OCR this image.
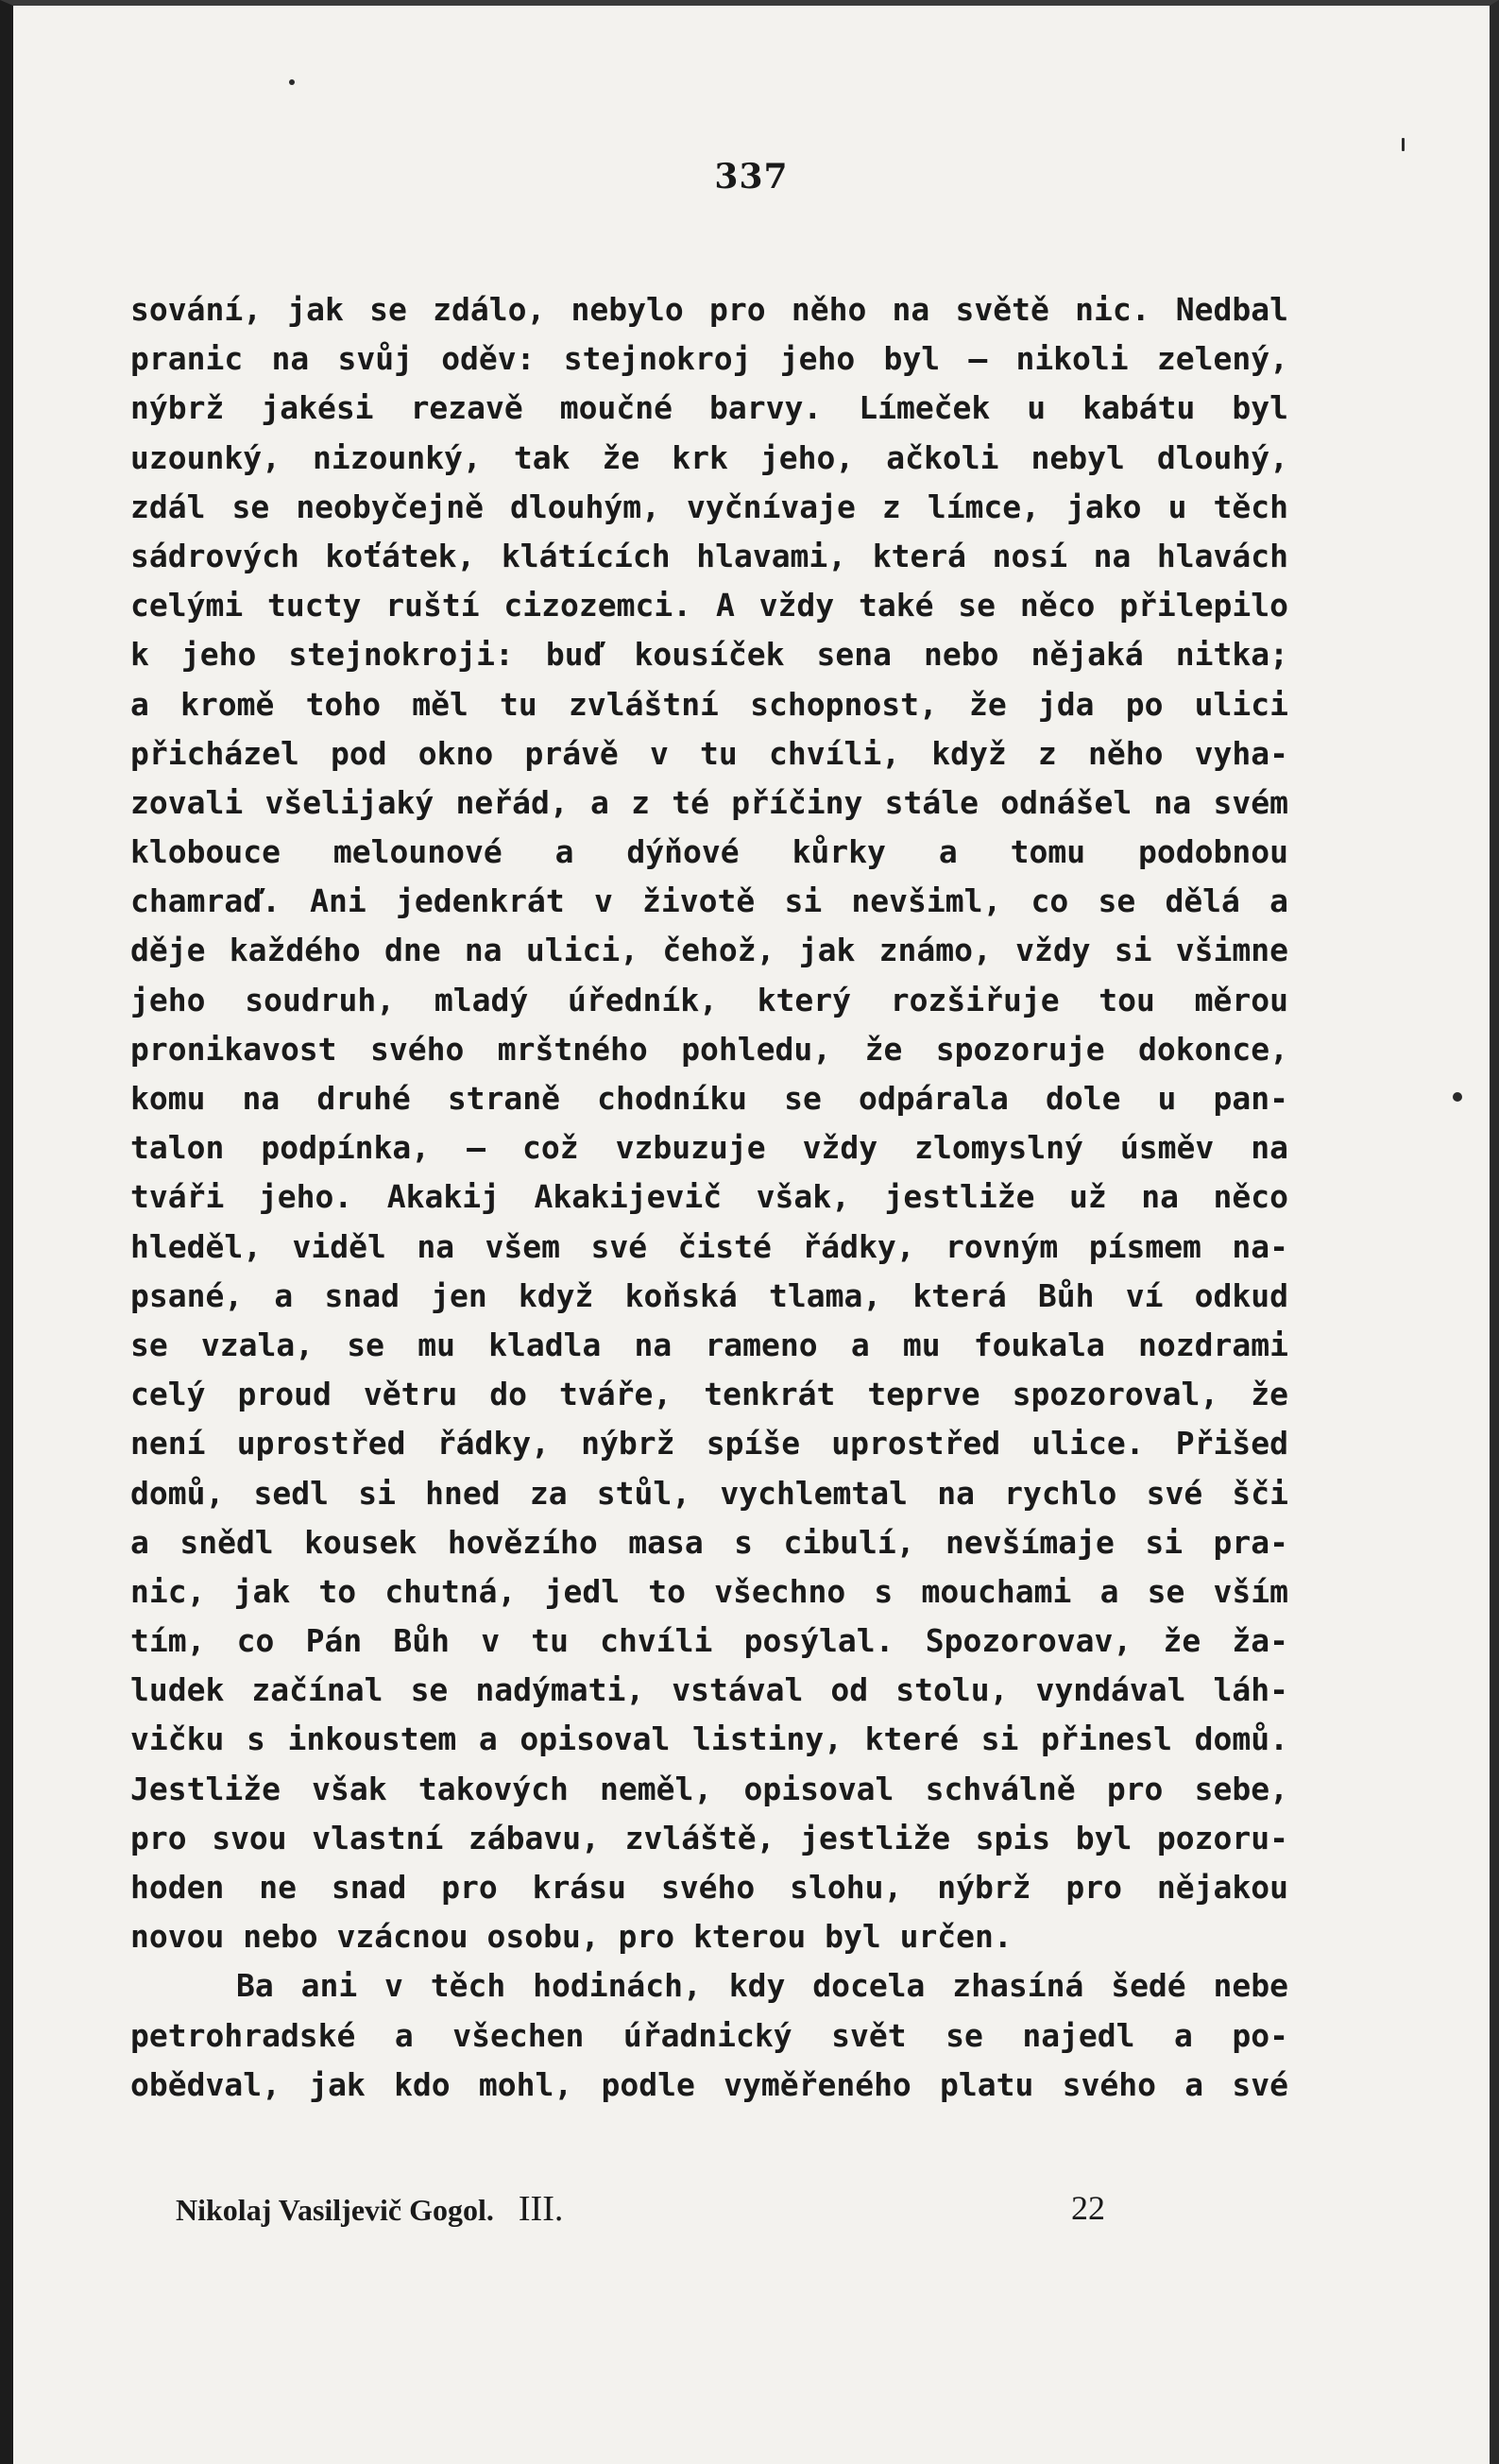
337
sování, jak se zdálo, nebylo pro něho na světě nic. Nedbal
pranic na svůj oděv: stejnokroj jeho byl — nikoli zelený,
nýbrž jakési rezavě moučné barvy. Límeček u kabátu byl
uzounký, nizounký, tak že krk jeho, ačkoli nebyl dlouhý,
zdál se neobyčejně dlouhým, vyčnívaje z límce, jako u těch
sádrových koťátek, klátících hlavami, která nosí na hlavách
celými tucty ruští cizozemci. A vždy také se něco přilepilo
k jeho stejnokroji: buď kousíček sena nebo nějaká nitka;
a kromě toho měl tu zvláštní schopnost, že jda po ulici
přicházel pod okno právě v tu chvíli, když z něho vyha-
zovali všelijaký neřád, a z té příčiny stále odnášel na svém
klobouce melounové a dýňové kůrky a tomu podobnou
chamraď. Ani jedenkrát v životě si nevšiml, co se dělá a
děje každého dne na ulici, čehož, jak známo, vždy si všimne
jeho soudruh, mladý úředník, který rozšiřuje tou měrou
pronikavost svého mrštného pohledu, že spozoruje dokonce,
komu na druhé straně chodníku se odpárala dole u pan-
talon podpínka, — což vzbuzuje vždy zlomyslný úsměv na
tváři jeho. Akakij Akakijevič však, jestliže už na něco
hleděl, viděl na všem své čisté řádky, rovným písmem na-
psané, a snad jen když koňská tlama, která Bůh ví odkud
se vzala, se mu kladla na rameno a mu foukala nozdrami
celý proud větru do tváře, tenkrát teprve spozoroval, že
není uprostřed řádky, nýbrž spíše uprostřed ulice. Přišed
domů, sedl si hned za stůl, vychlemtal na rychlo své šči
a snědl kousek hovězího masa s cibulí, nevšímaje si pra-
nic, jak to chutná, jedl to všechno s mouchami a se vším
tím, co Pán Bůh v tu chvíli posýlal. Spozorovav, že ža-
ludek začínal se nadýmati, vstával od stolu, vyndával láh-
vičku s inkoustem a opisoval listiny, které si přinesl domů.
Jestliže však takových neměl, opisoval schválně pro sebe,
pro svou vlastní zábavu, zvláště, jestliže spis byl pozoru-
hoden ne snad pro krásu svého slohu, nýbrž pro nějakou
novou nebo vzácnou osobu, pro kterou byl určen.
Ba ani v těch hodinách, kdy docela zhasíná šedé nebe
petrohradské a všechen úřadnický svět se najedl a po-
obědval, jak kdo mohl, podle vyměřeného platu svého a své
Nikolaj Vasiljevič Gogol. III.	22
